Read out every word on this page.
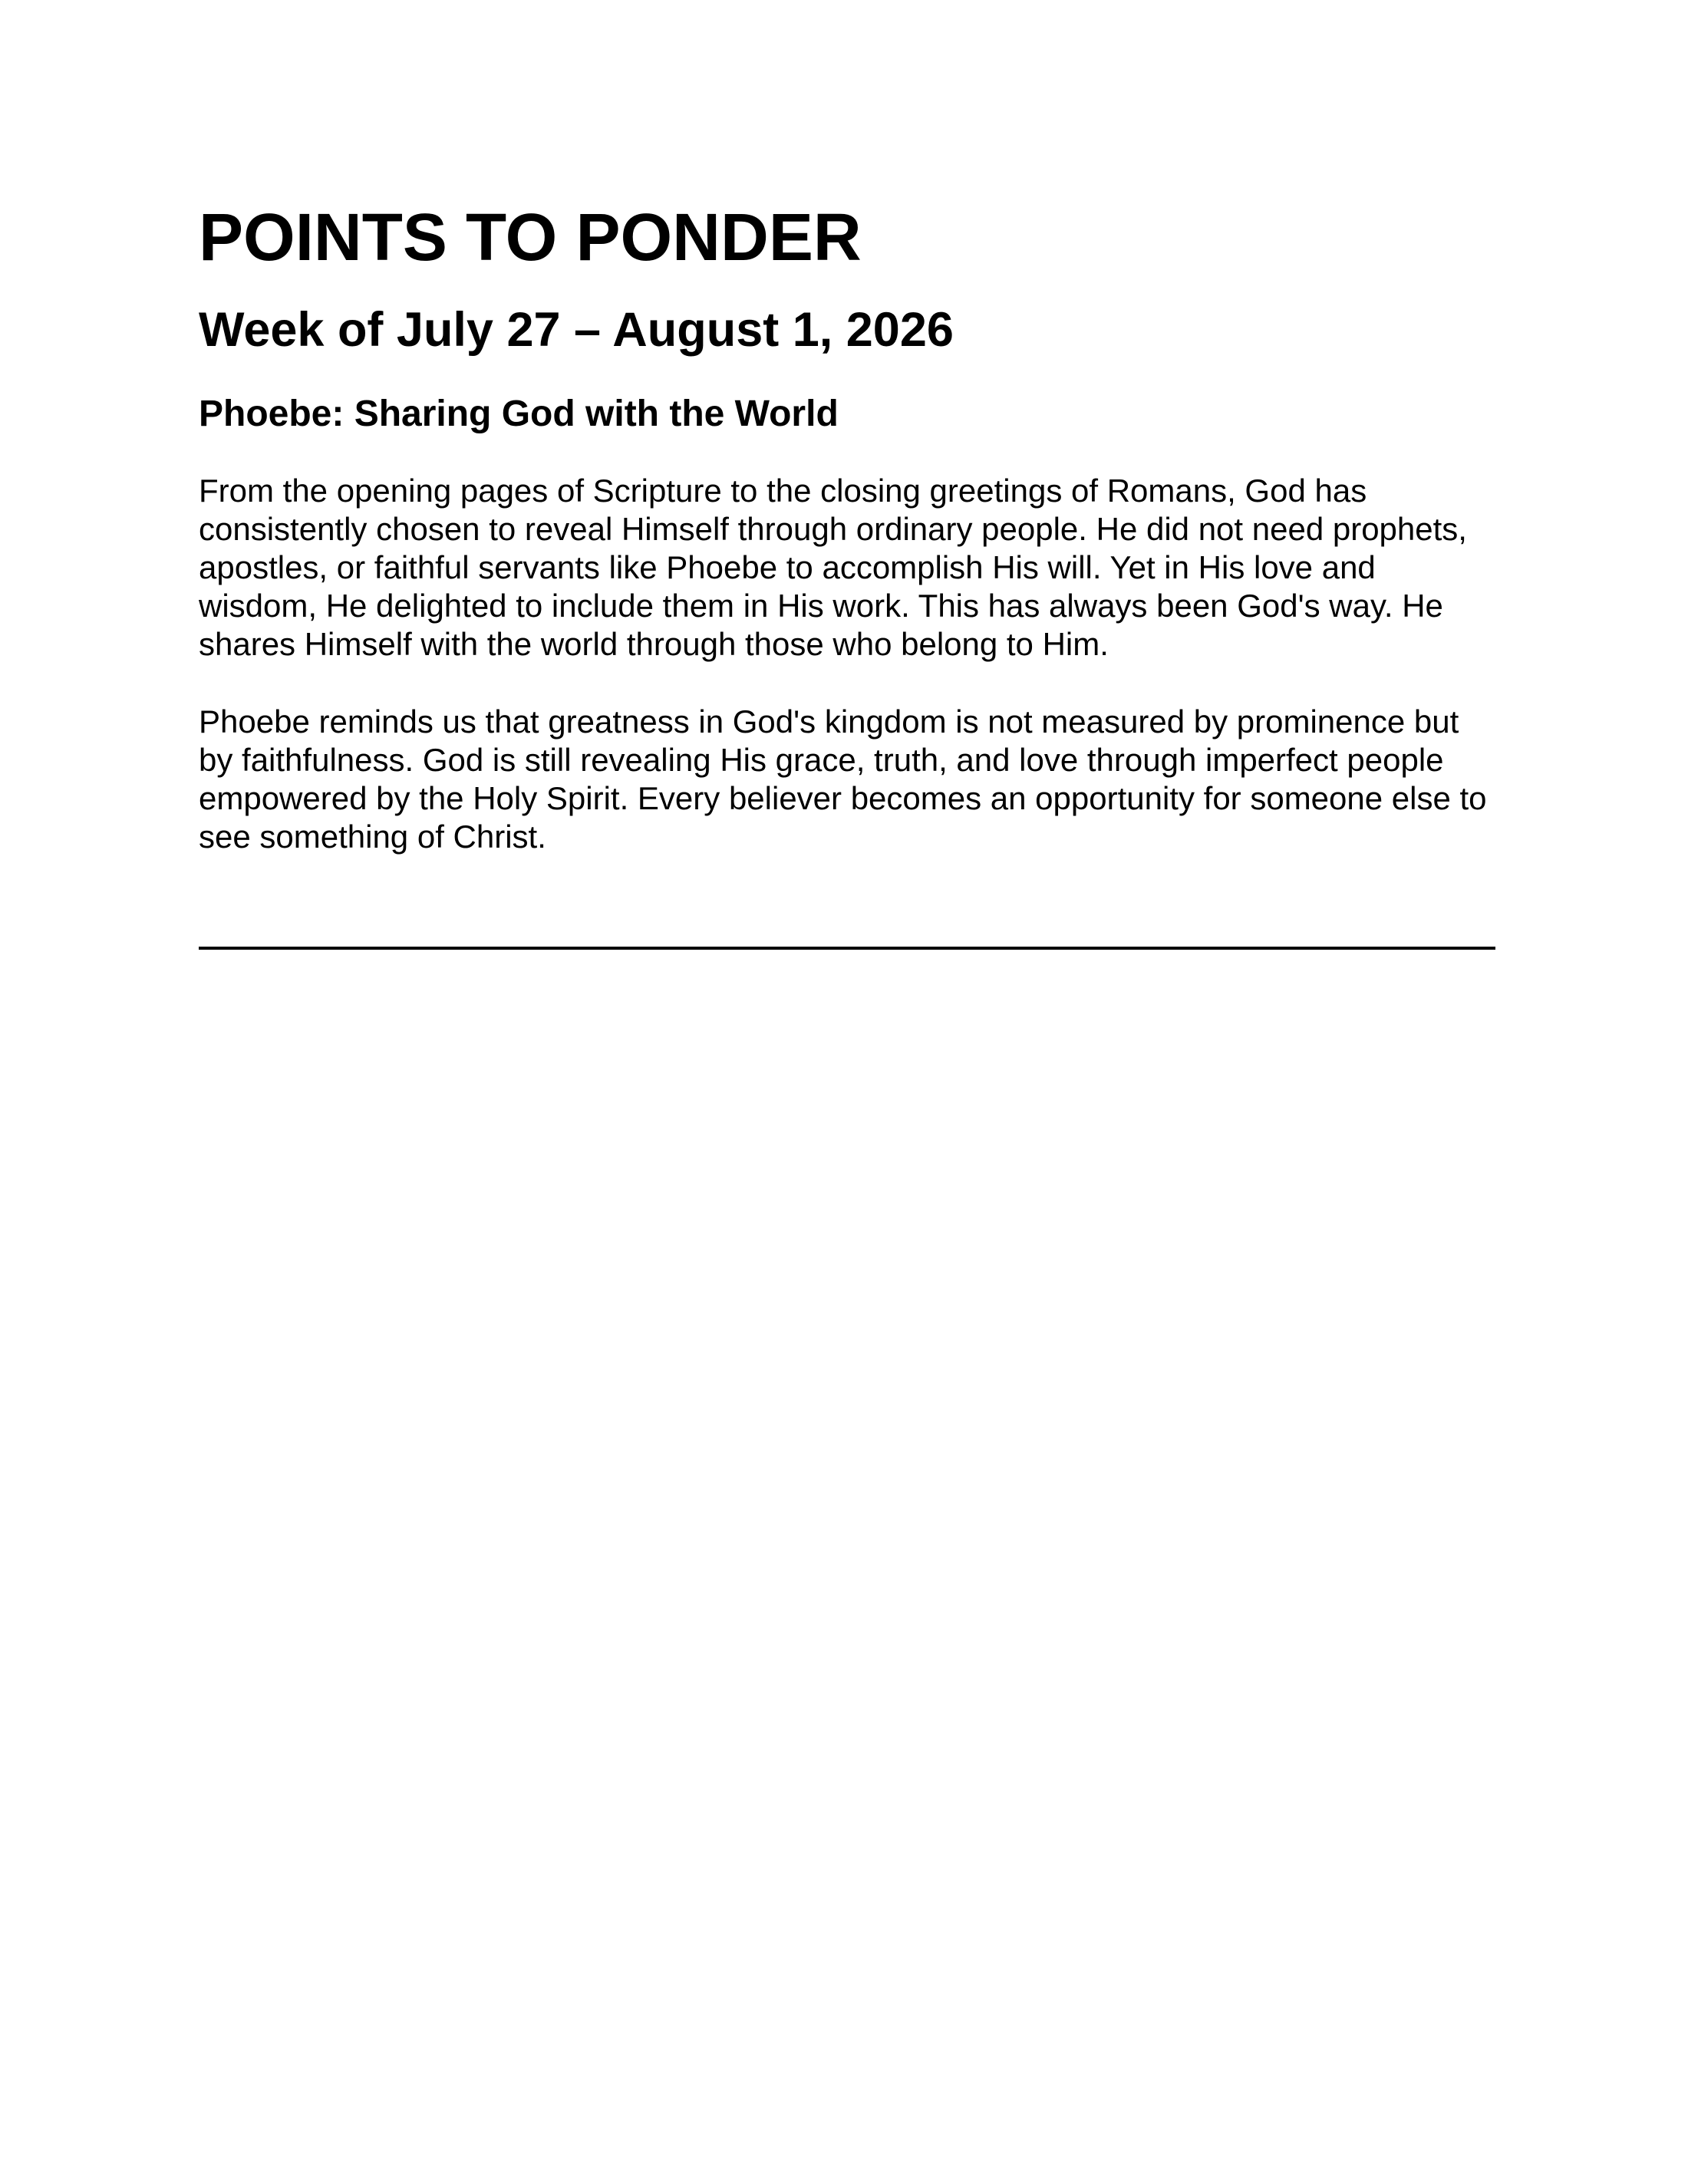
POINTS TO PONDER
Week of July 27 – August 1, 2026
Phoebe: Sharing God with the World

From the opening pages of Scripture to the closing greetings of Romans, God has consistently chosen to reveal Himself through ordinary people. He did not need prophets, apostles, or faithful servants like Phoebe to accomplish His will. Yet in His love and wisdom, He delighted to include them in His work. This has always been God's way. He shares Himself with the world through those who belong to Him.

Phoebe reminds us that greatness in God's kingdom is not measured by prominence but by faithfulness. God is still revealing His grace, truth, and love through imperfect people empowered by the Holy Spirit. Every believer becomes an opportunity for someone else to see something of Christ.
